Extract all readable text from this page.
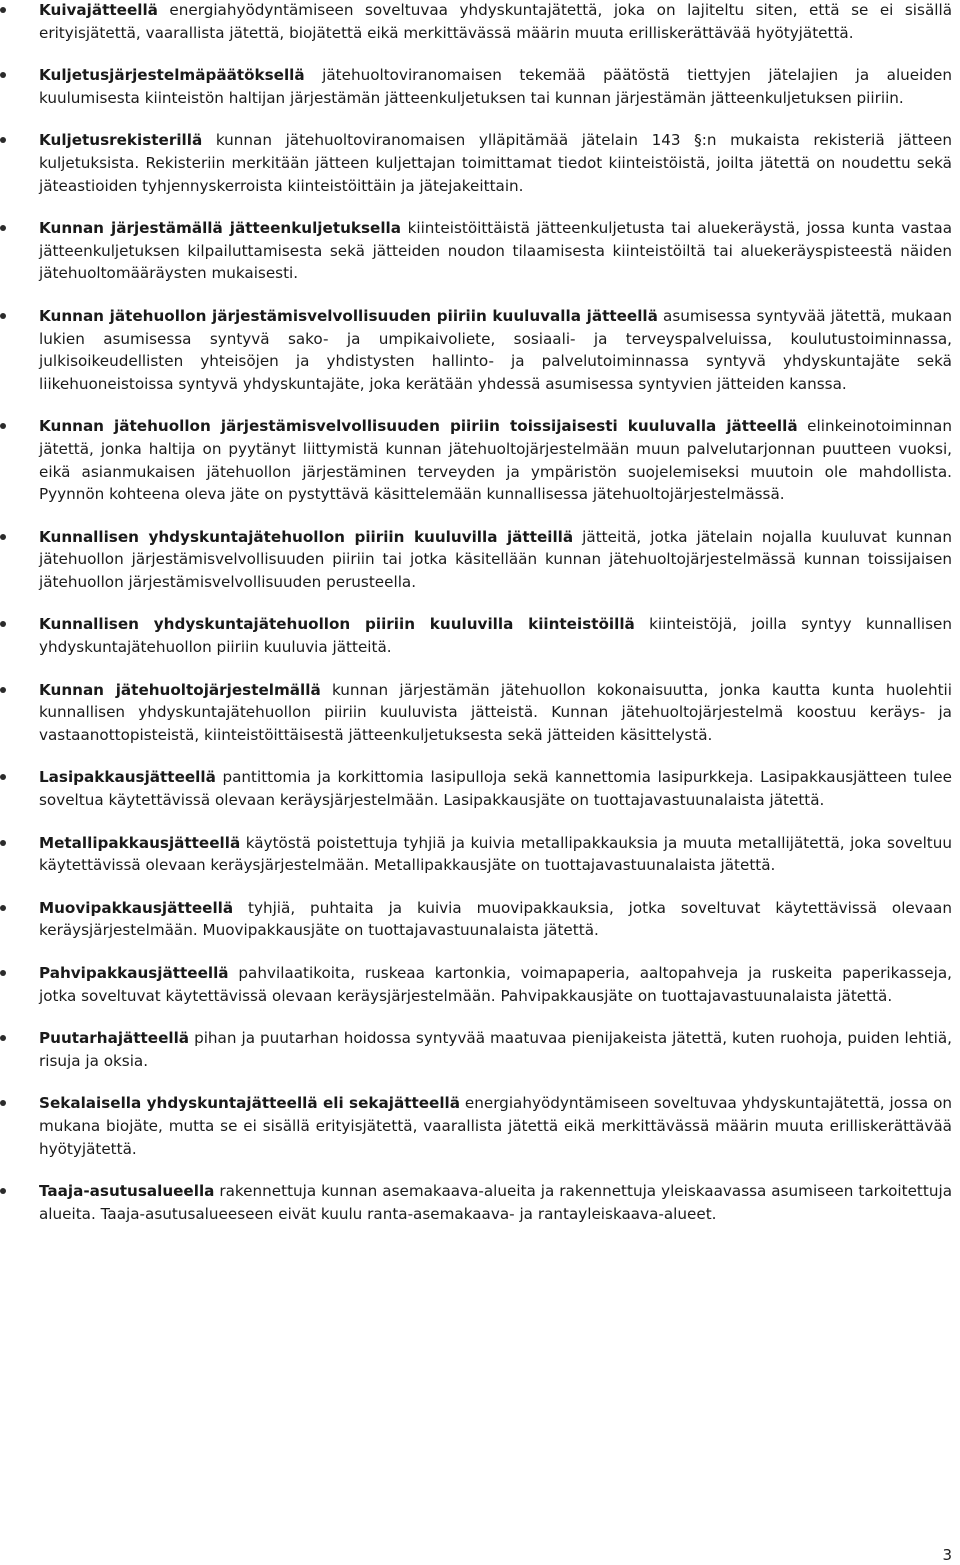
Kuivajätteellä energiahyödyntämiseen soveltuvaa yhdyskuntajätettä, joka on lajiteltu siten, että se ei sisällä erityisjätettä, vaarallista jätettä, biojätettä eikä merkittävässä määrin muuta erilliskerättävää hyötyjätettä.
Kuljetusjärjestelmäpäätöksellä jätehuoltoviranomaisen tekemää päätöstä tiettyjen jätelajien ja alueiden kuulumisesta kiinteistön haltijan järjestämän jätteenkuljetuksen tai kunnan järjestämän jätteenkuljetuksen piiriin.
Kuljetusrekisterillä kunnan jätehuoltoviranomaisen ylläpitämää jätelain 143 §:n mukaista rekisteriä jätteen kuljetuksista. Rekisteriin merkitään jätteen kuljettajan toimittamat tiedot kiinteistöistä, joilta jätettä on noudettu sekä jäteastioiden tyhjennyskerroista kiinteistöittäin ja jätejakeittain.
Kunnan järjestämällä jätteenkuljetuksella kiinteistöittäistä jätteenkuljetusta tai aluekeräystä, jossa kunta vastaa jätteenkuljetuksen kilpailuttamisesta sekä jätteiden noudon tilaamisesta kiinteistöiltä tai aluekeräyspisteestä näiden jätehuoltomääräysten mukaisesti.
Kunnan jätehuollon järjestämisvelvollisuuden piiriin kuuluvalla jätteellä asumisessa syntyvää jätettä, mukaan lukien asumisessa syntyvä sako- ja umpikaivoliete, sosiaali- ja terveyspalveluissa, koulutustoiminnassa, julkisoikeudellisten yhteisöjen ja yhdistysten hallinto- ja palvelutoiminnassa syntyvä yhdyskuntajäte sekä liikehuoneistoissa syntyvä yhdyskuntajäte, joka kerätään yhdessä asumisessa syntyvien jätteiden kanssa.
Kunnan jätehuollon järjestämisvelvollisuuden piiriin toissijaisesti kuuluvalla jätteellä elinkeinotoiminnan jätettä, jonka haltija on pyytänyt liittymistä kunnan jätehuoltojärjestelmään muun palvelutarjonnan puutteen vuoksi, eikä asianmukaisen jätehuollon järjestäminen terveyden ja ympäristön suojelemiseksi muutoin ole mahdollista. Pyynnön kohteena oleva jäte on pystyttävä käsittelemään kunnallisessa jätehuoltojärjestelmässä.
Kunnallisen yhdyskuntajätehuollon piiriin kuuluvilla jätteillä jätteitä, jotka jätelain nojalla kuuluvat kunnan jätehuollon järjestämisvelvollisuuden piiriin tai jotka käsitellään kunnan jätehuoltojärjestelmässä kunnan toissijaisen jätehuollon järjestämisvelvollisuuden perusteella.
Kunnallisen yhdyskuntajätehuollon piiriin kuuluvilla kiinteistöillä kiinteistöjä, joilla syntyy kunnallisen yhdyskuntajätehuollon piiriin kuuluvia jätteitä.
Kunnan jätehuoltojärjestelmällä kunnan järjestämän jätehuollon kokonaisuutta, jonka kautta kunta huolehtii kunnallisen yhdyskuntajätehuollon piiriin kuuluvista jätteistä. Kunnan jätehuoltojärjestelmä koostuu keräys- ja vastaanottopisteistä, kiinteistöittäisestä jätteenkuljetuksesta sekä jätteiden käsittelystä.
Lasipakkausjätteellä pantittomia ja korkittomia lasipulloja sekä kannettomia lasipurkkeja. Lasipakkausjätteen tulee soveltua käytettävissä olevaan keräysjärjestelmään. Lasipakkausjäte on tuottajavastuunalaista jätettä.
Metallipakkausjätteellä käytöstä poistettuja tyhjiä ja kuivia metallipakkauksia ja muuta metallijätettä, joka soveltuu käytettävissä olevaan keräysjärjestelmään. Metallipakkausjäte on tuottajavastuunalaista jätettä.
Muovipakkausjätteellä tyhjiä, puhtaita ja kuivia muovipakkauksia, jotka soveltuvat käytettävissä olevaan keräysjärjestelmään. Muovipakkausjäte on tuottajavastuunalaista jätettä.
Pahvipakkausjätteellä pahvilaatikoita, ruskeaa kartonkia, voimapaperia, aaltopahveja ja ruskeita paperikasseja, jotka soveltuvat käytettävissä olevaan keräysjärjestelmään. Pahvipakkausjäte on tuottajavastuunalaista jätettä.
Puutarhajätteellä pihan ja puutarhan hoidossa syntyvää maatuvaa pienijakeista jätettä, kuten ruohoja, puiden lehtiä, risuja ja oksia.
Sekalaisella yhdyskuntajätteellä eli sekajätteellä energiahyödyntämiseen soveltuvaa yhdyskuntajätettä, jossa on mukana biojäte, mutta se ei sisällä erityisjätettä, vaarallista jätettä eikä merkittävässä määrin muuta erilliskerättävää hyötyjätettä.
Taaja-asutusalueella rakennettuja kunnan asemakaava-alueita ja rakennettuja yleiskaavassa asumiseen tarkoitettuja alueita. Taaja-asutusalueeseen eivät kuulu ranta-asemakaava- ja rantayleiskaava-alueet.
3
